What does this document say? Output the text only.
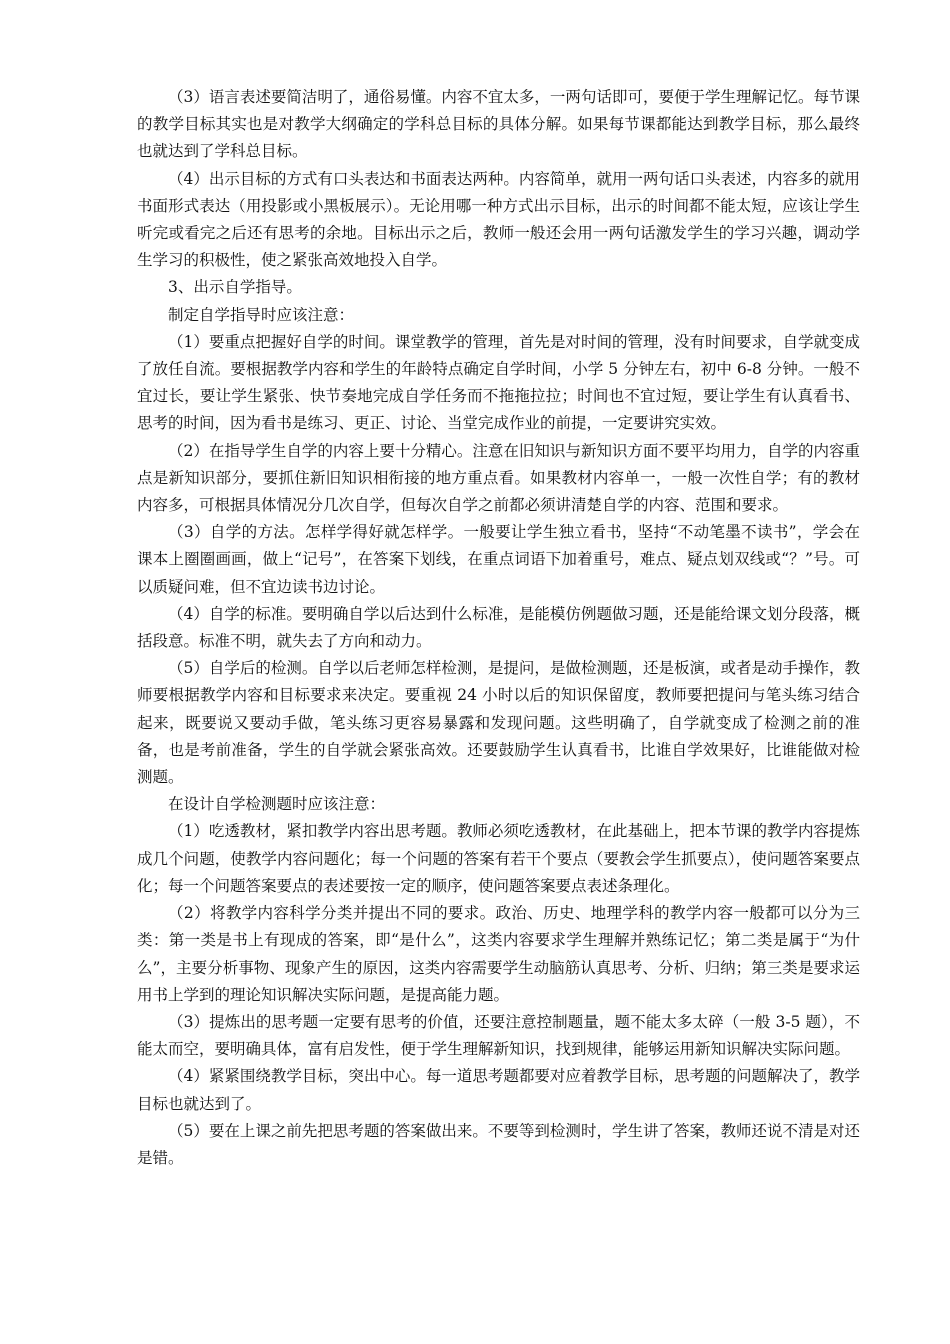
（3）语言表述要简洁明了，通俗易懂。内容不宜太多，一两句话即可，要便于学生理解记忆。每节课的教学目标其实也是对教学大纲确定的学科总目标的具体分解。如果每节课都能达到教学目标，那么最终也就达到了学科总目标。

（4）出示目标的方式有口头表达和书面表达两种。内容简单，就用一两句话口头表述，内容多的就用书面形式表达（用投影或小黑板展示）。无论用哪一种方式出示目标，出示的时间都不能太短，应该让学生听完或看完之后还有思考的余地。目标出示之后，教师一般还会用一两句话激发学生的学习兴趣，调动学生学习的积极性，使之紧张高效地投入自学。

3、出示自学指导。

制定自学指导时应该注意：

（1）要重点把握好自学的时间。课堂教学的管理，首先是对时间的管理，没有时间要求，自学就变成了放任自流。要根据教学内容和学生的年龄特点确定自学时间，小学 5 分钟左右，初中 6-8 分钟。一般不宜过长，要让学生紧张、快节奏地完成自学任务而不拖拖拉拉；时间也不宜过短，要让学生有认真看书、思考的时间，因为看书是练习、更正、讨论、当堂完成作业的前提，一定要讲究实效。

（2）在指导学生自学的内容上要十分精心。注意在旧知识与新知识方面不要平均用力，自学的内容重点是新知识部分，要抓住新旧知识相衔接的地方重点看。如果教材内容单一，一般一次性自学；有的教材内容多，可根据具体情况分几次自学，但每次自学之前都必须讲清楚自学的内容、范围和要求。

（3）自学的方法。怎样学得好就怎样学。一般要让学生独立看书，坚持“不动笔墨不读书”，学会在课本上圈圈画画，做上“记号”，在答案下划线，在重点词语下加着重号，难点、疑点划双线或“？”号。可以质疑问难，但不宜边读书边讨论。

（4）自学的标准。要明确自学以后达到什么标准，是能模仿例题做习题，还是能给课文划分段落，概括段意。标准不明，就失去了方向和动力。

（5）自学后的检测。自学以后老师怎样检测，是提问，是做检测题，还是板演，或者是动手操作，教师要根据教学内容和目标要求来决定。要重视 24 小时以后的知识保留度，教师要把提问与笔头练习结合起来，既要说又要动手做，笔头练习更容易暴露和发现问题。这些明确了，自学就变成了检测之前的准备，也是考前准备，学生的自学就会紧张高效。还要鼓励学生认真看书，比谁自学效果好，比谁能做对检测题。

在设计自学检测题时应该注意：

（1）吃透教材，紧扣教学内容出思考题。教师必须吃透教材，在此基础上，把本节课的教学内容提炼成几个问题，使教学内容问题化；每一个问题的答案有若干个要点（要教会学生抓要点），使问题答案要点化；每一个问题答案要点的表述要按一定的顺序，使问题答案要点表述条理化。

（2）将教学内容科学分类并提出不同的要求。政治、历史、地理学科的教学内容一般都可以分为三类：第一类是书上有现成的答案，即“是什么”，这类内容要求学生理解并熟练记忆；第二类是属于“为什么”，主要分析事物、现象产生的原因，这类内容需要学生动脑筋认真思考、分析、归纳；第三类是要求运用书上学到的理论知识解决实际问题，是提高能力题。

（3）提炼出的思考题一定要有思考的价值，还要注意控制题量，题不能太多太碎（一般 3-5 题），不能太而空，要明确具体，富有启发性，便于学生理解新知识，找到规律，能够运用新知识解决实际问题。

（4）紧紧围绕教学目标，突出中心。每一道思考题都要对应着教学目标，思考题的问题解决了，教学目标也就达到了。

（5）要在上课之前先把思考题的答案做出来。不要等到检测时，学生讲了答案，教师还说不清是对还是错。
